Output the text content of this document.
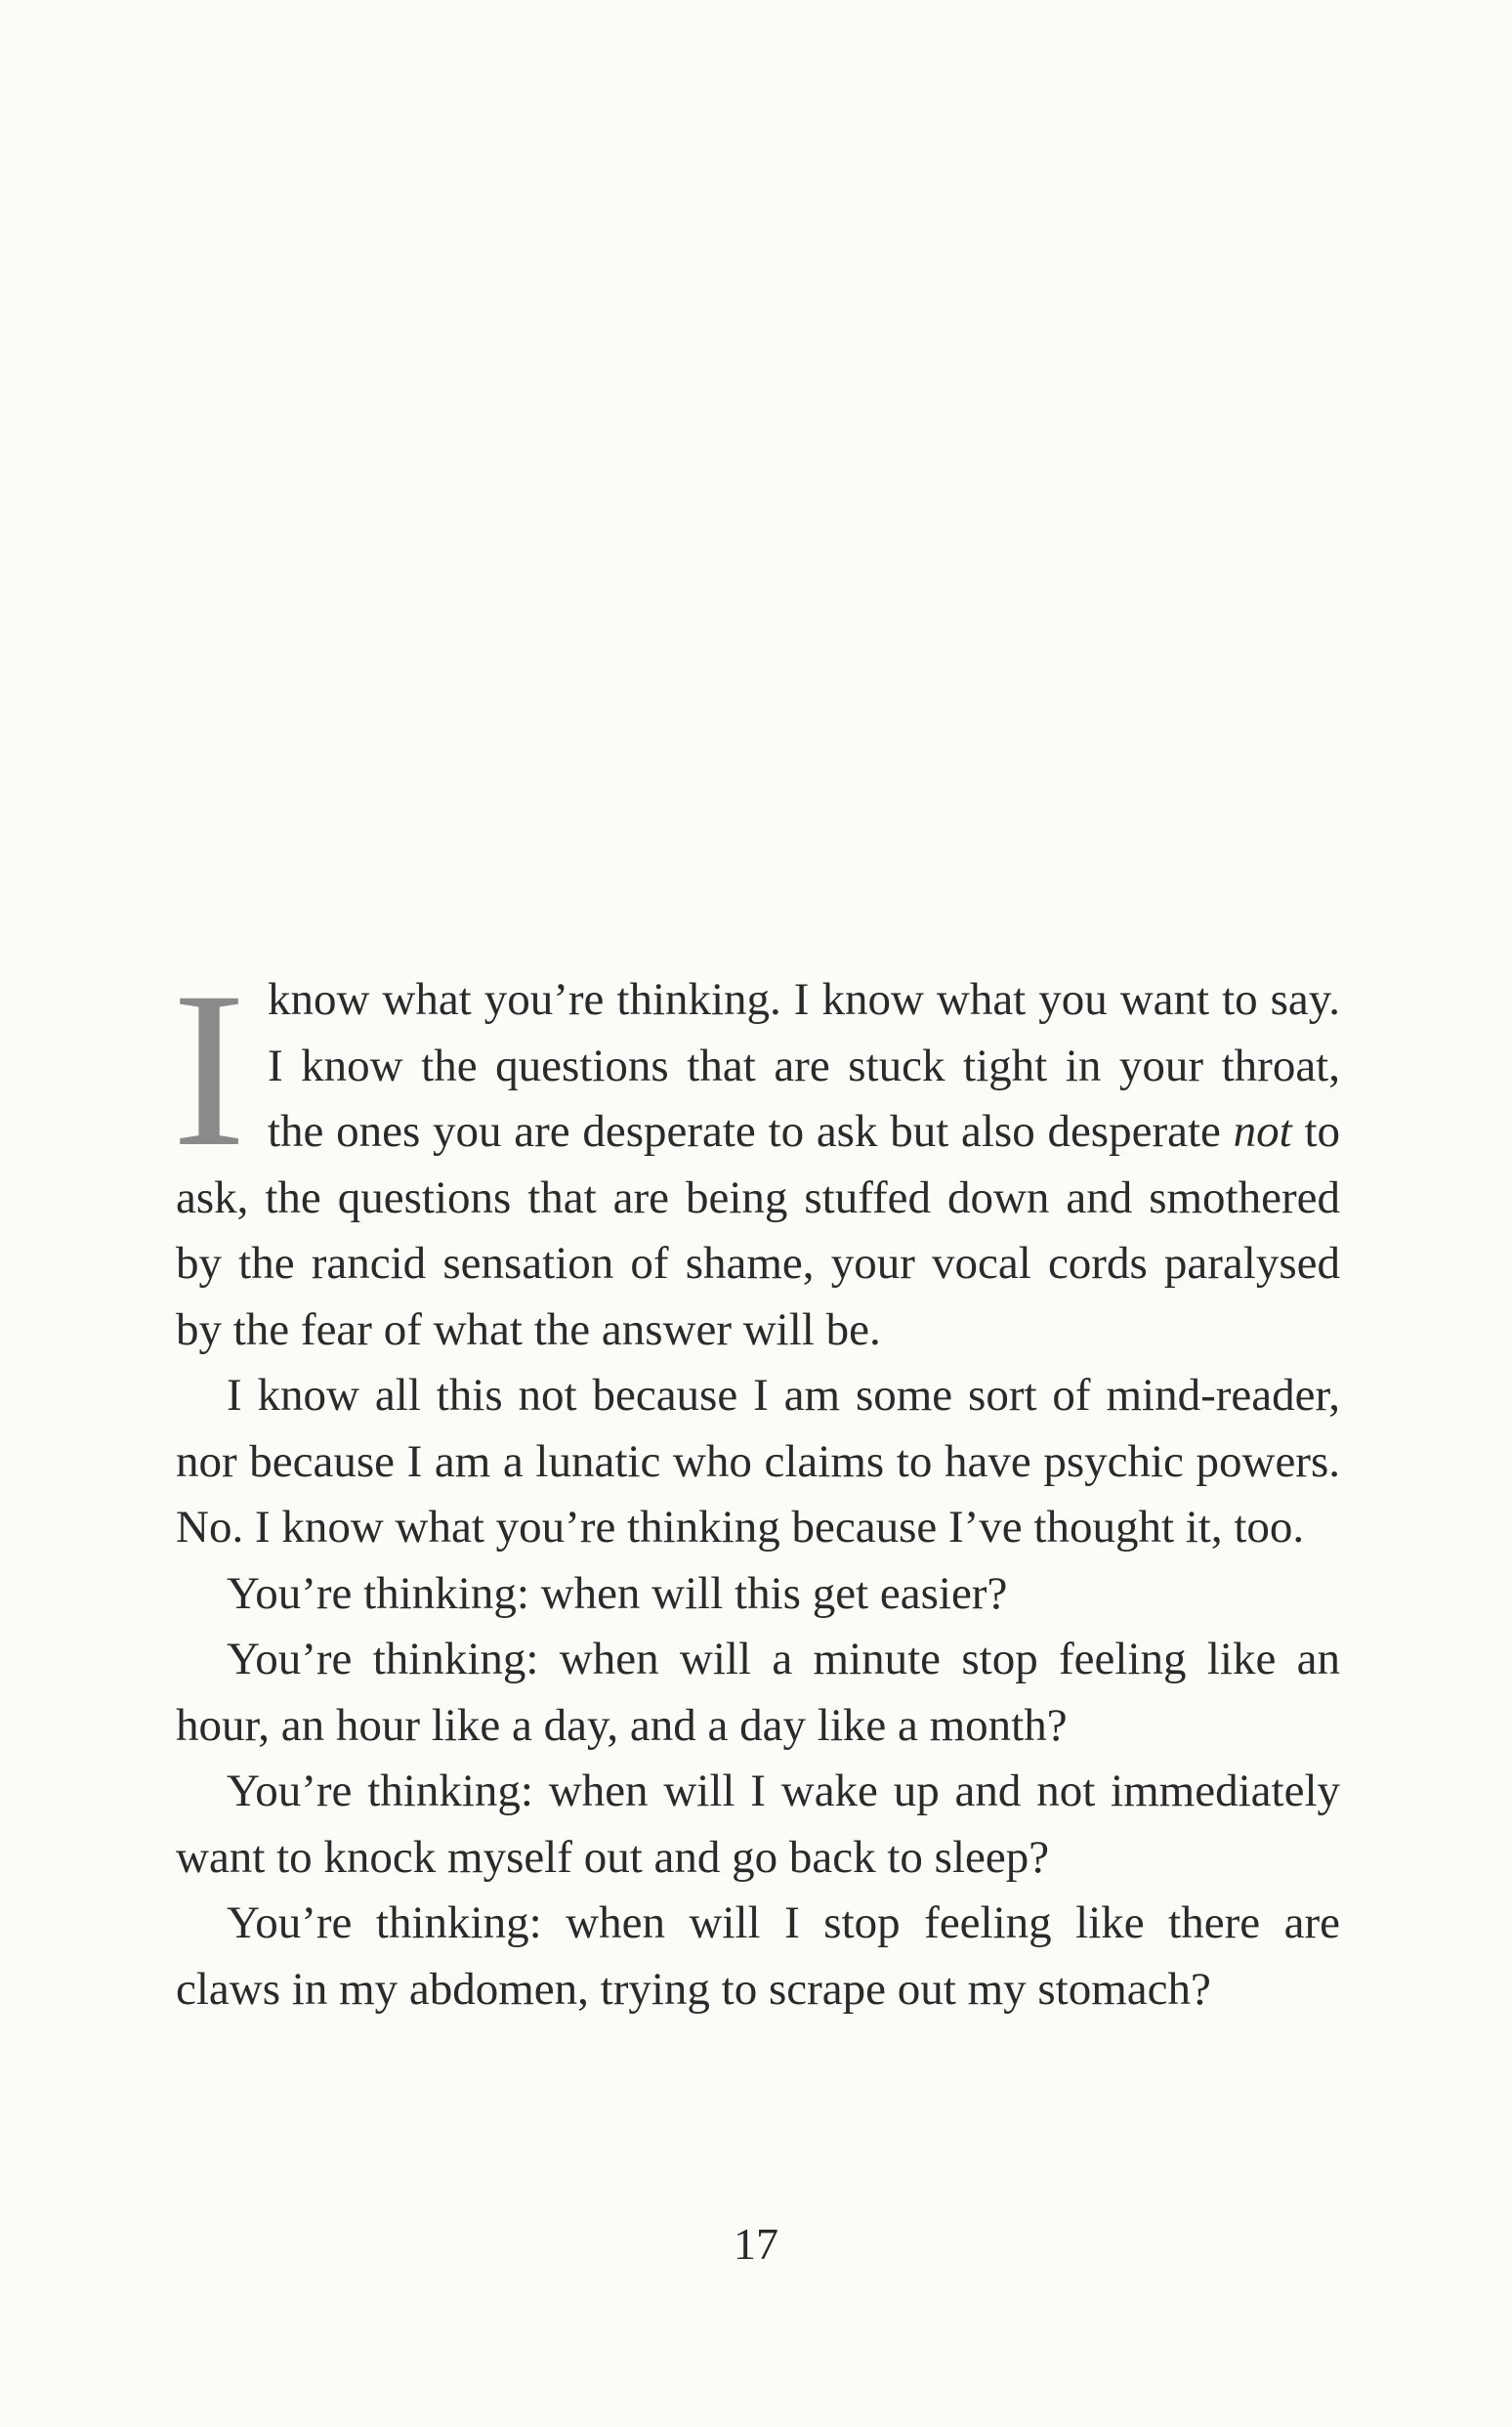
I know what you’re thinking. I know what you want to say. I know the questions that are stuck tight in your throat, the ones you are desperate to ask but also desperate not to ask, the questions that are being stuffed down and smothered by the rancid sensation of shame, your vocal cords paralysed by the fear of what the answer will be.

I know all this not because I am some sort of mind-reader, nor because I am a lunatic who claims to have psychic powers. No. I know what you’re thinking because I’ve thought it, too.

You’re thinking: when will this get easier?

You’re thinking: when will a minute stop feeling like an hour, an hour like a day, and a day like a month?

You’re thinking: when will I wake up and not immediately want to knock myself out and go back to sleep?

You’re thinking: when will I stop feeling like there are claws in my abdomen, trying to scrape out my stomach?

17
